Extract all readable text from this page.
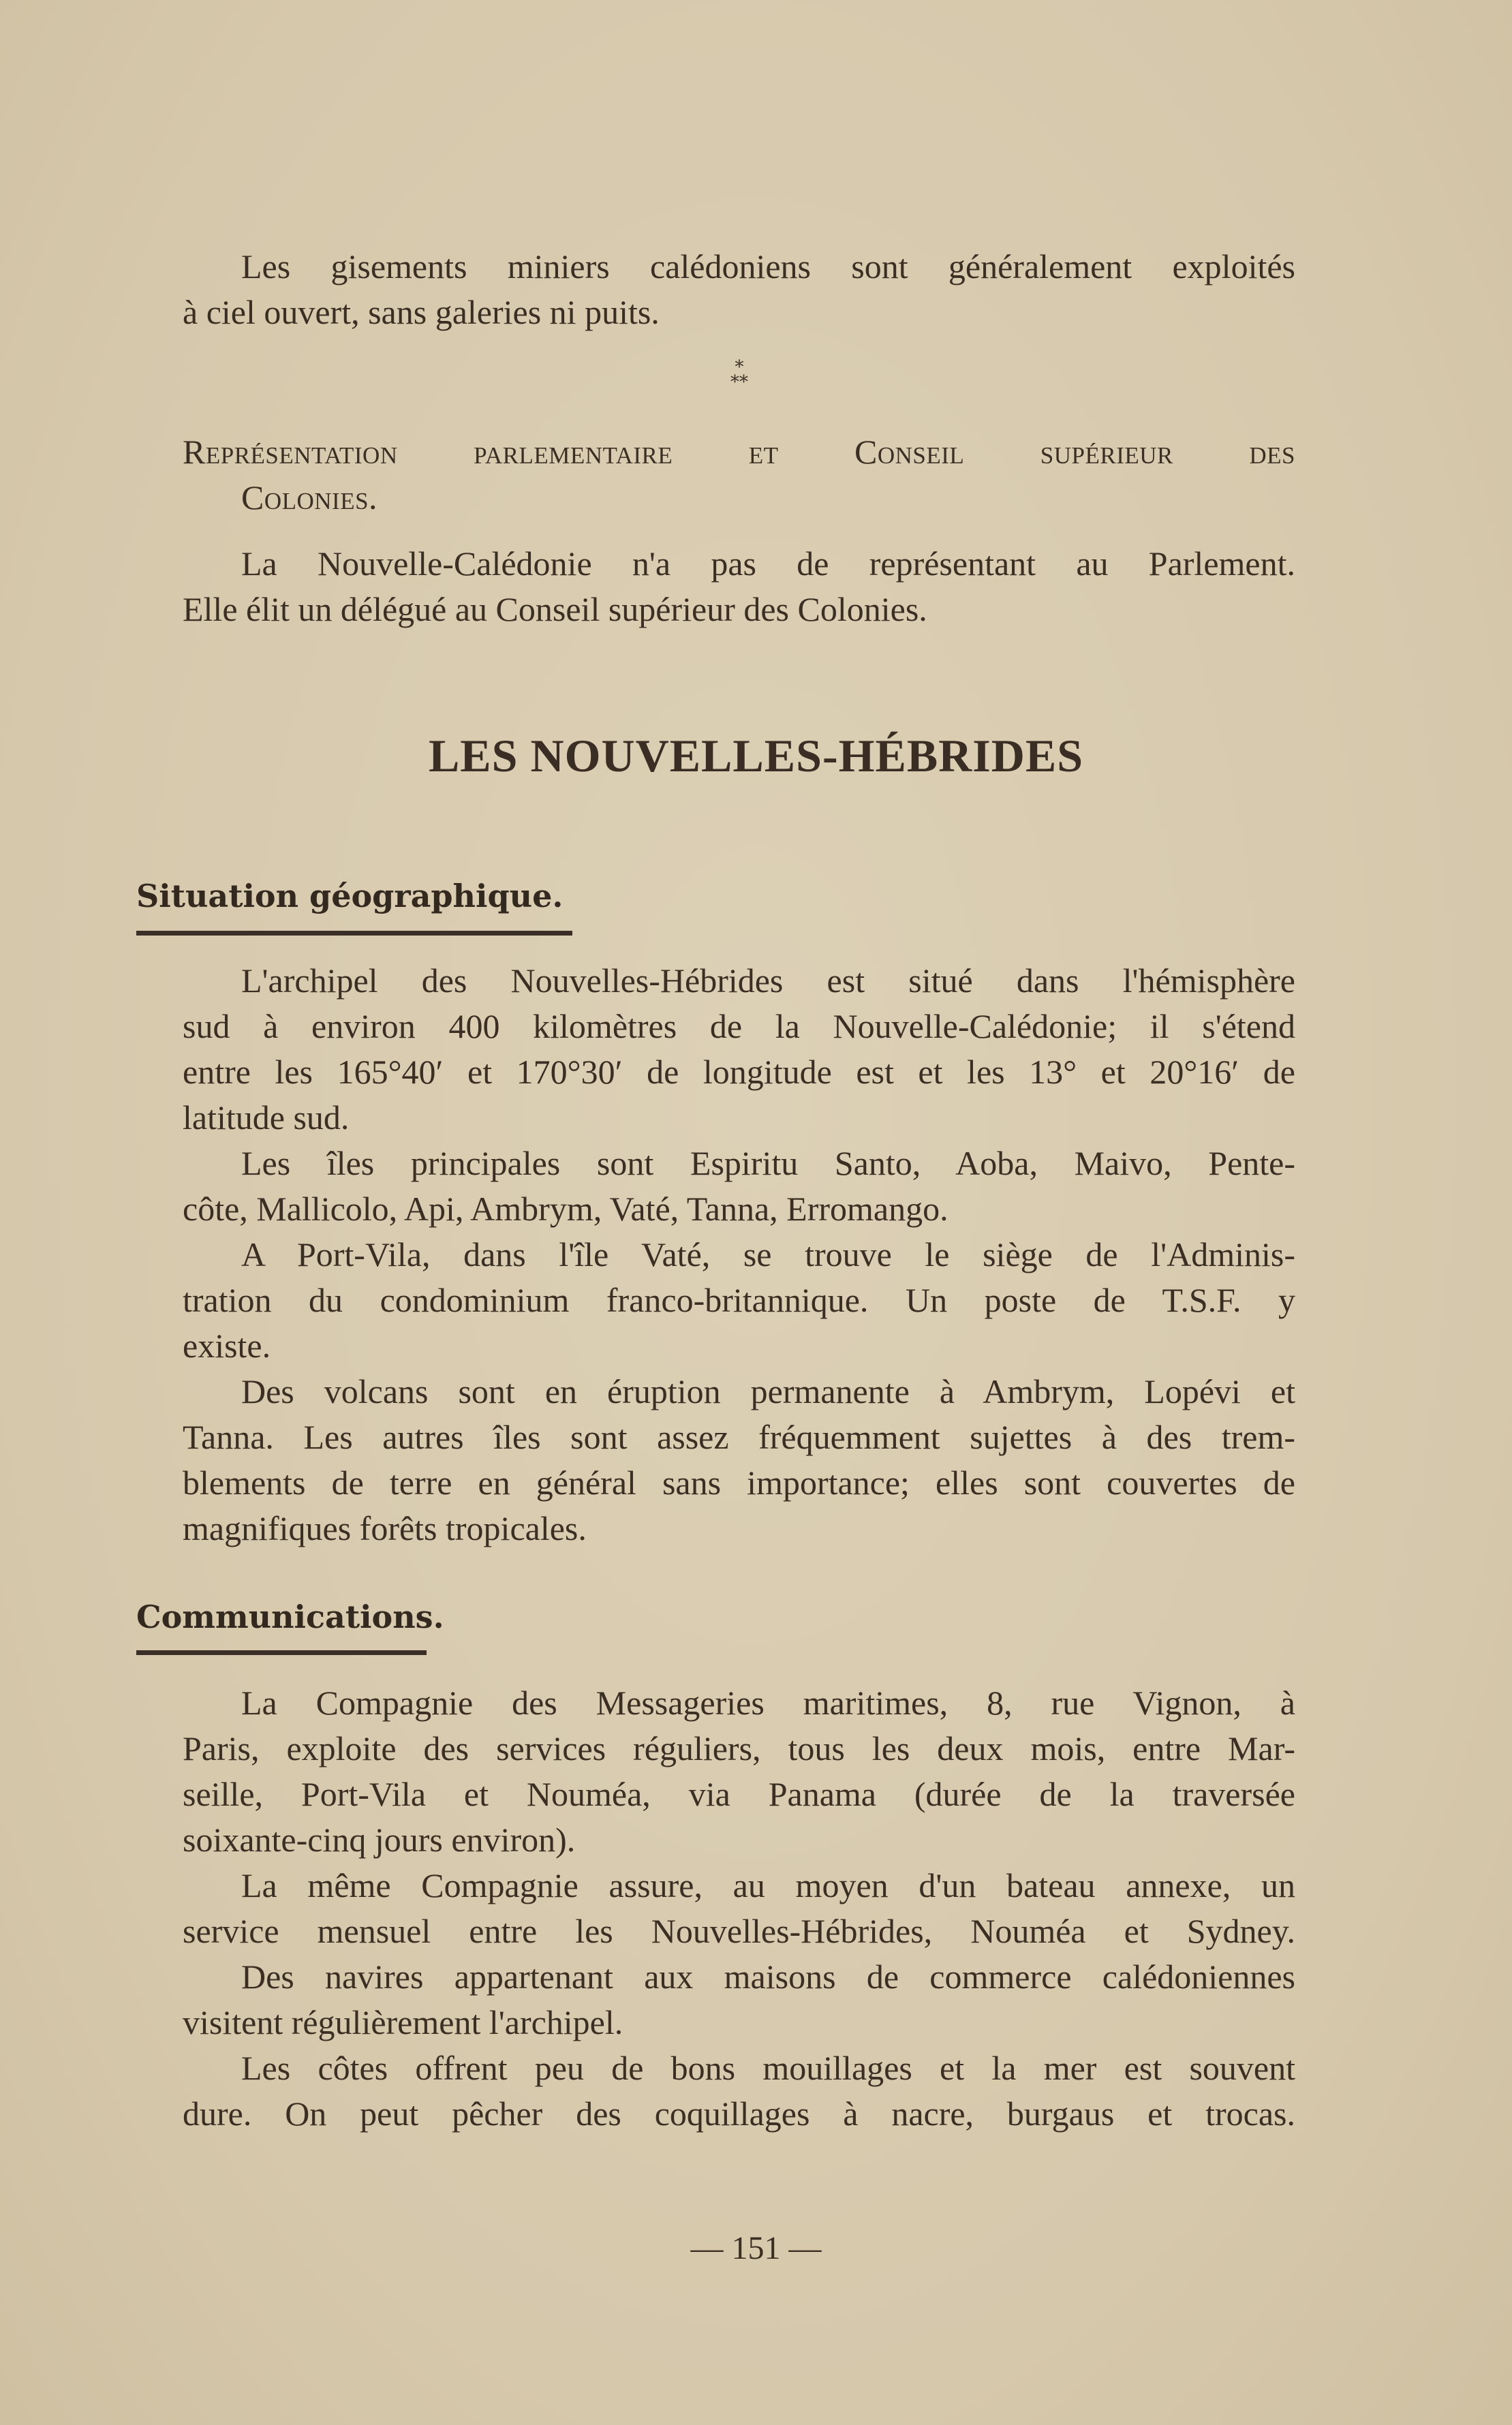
Les gisements miniers calédoniens sont généralement exploités
à ciel ouvert, sans galeries ni puits.
⁎
⁎⁎
Représentation parlementaire et Conseil supérieur des
Colonies.
La Nouvelle-Calédonie n'a pas de représentant au Parlement.
Elle élit un délégué au Conseil supérieur des Colonies.
LES NOUVELLES-HÉBRIDES
Situation géographique.
L'archipel des Nouvelles-Hébrides est situé dans l'hémisphère
sud à environ 400 kilomètres de la Nouvelle-Calédonie; il s'étend
entre les 165°40′ et 170°30′ de longitude est et les 13° et 20°16′ de
latitude sud.
Les îles principales sont Espiritu Santo, Aoba, Maivo, Pente-
côte, Mallicolo, Api, Ambrym, Vaté, Tanna, Erromango.
A Port-Vila, dans l'île Vaté, se trouve le siège de l'Adminis-
tration du condominium franco-britannique. Un poste de T.S.F. y
existe.
Des volcans sont en éruption permanente à Ambrym, Lopévi et
Tanna. Les autres îles sont assez fréquemment sujettes à des trem-
blements de terre en général sans importance; elles sont couvertes de
magnifiques forêts tropicales.
Communications.
La Compagnie des Messageries maritimes, 8, rue Vignon, à
Paris, exploite des services réguliers, tous les deux mois, entre Mar-
seille, Port-Vila et Nouméa, via Panama (durée de la traversée
soixante-cinq jours environ).
La même Compagnie assure, au moyen d'un bateau annexe, un
service mensuel entre les Nouvelles-Hébrides, Nouméa et Sydney.
Des navires appartenant aux maisons de commerce calédoniennes
visitent régulièrement l'archipel.
Les côtes offrent peu de bons mouillages et la mer est souvent
dure. On peut pêcher des coquillages à nacre, burgaus et trocas.
— 151 —
